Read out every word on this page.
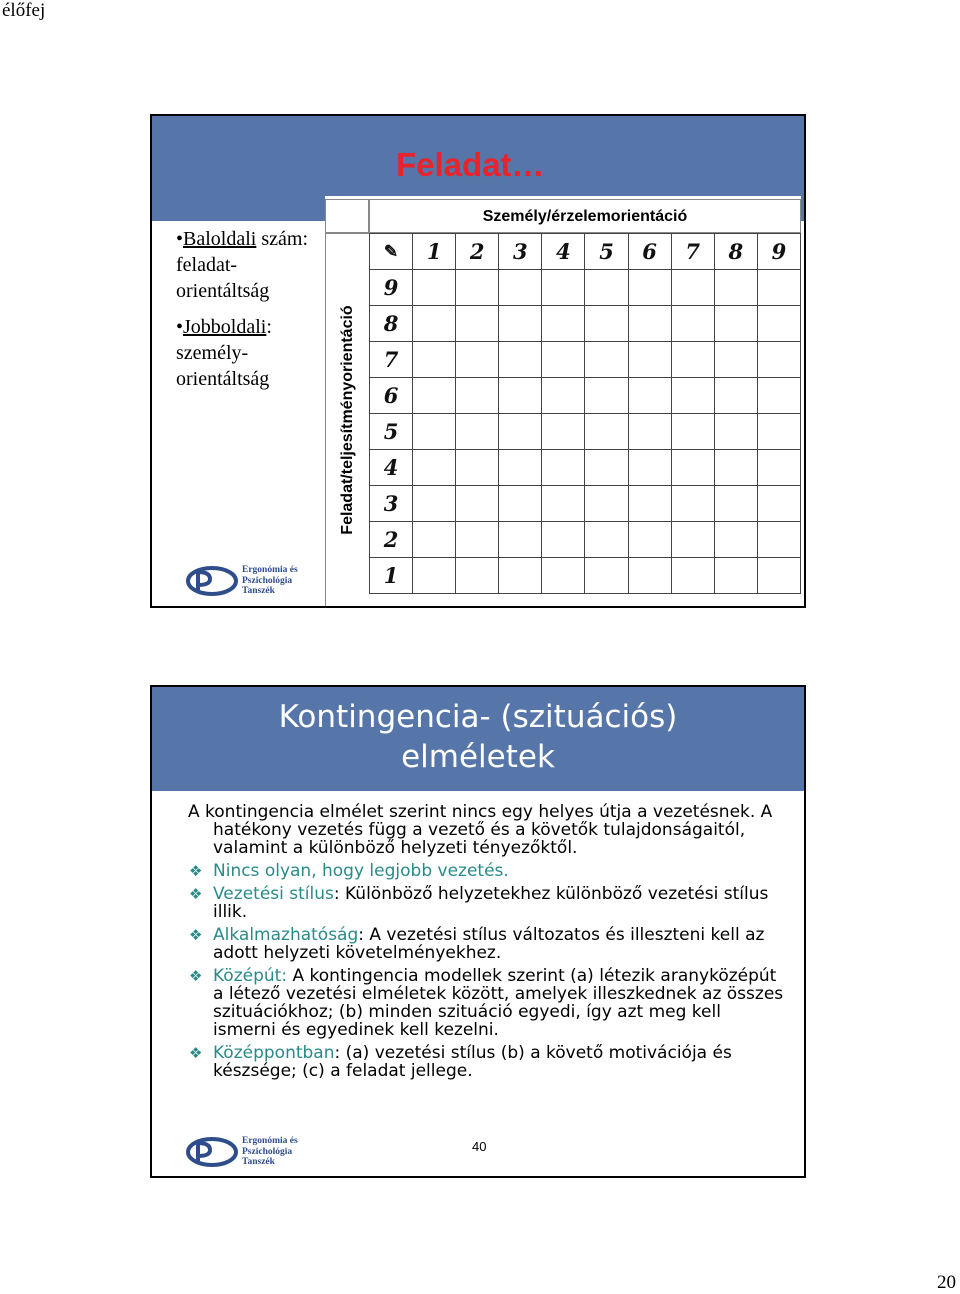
élőfej
Feladat…

•Baloldali szám: feladat-orientáltság

•Jobboldali: személy-orientáltság

Ergonómia és
Pszichológia
Tanszék
Személy/érzelemorientáció
Feladat/teljesítményorientáció
✎	1	2	3	4	5	6	7	8	9
9									
8									
7									
6									
5									
4									
3									
2									
1									
Kontingencia- (szituációs)
elméletek

A kontingencia elmélet szerint nincs egy helyes útja a vezetésnek. A hatékony vezetés függ a vezető és a követők tulajdonságaitól, valamint a különböző helyzeti tényezőktől.

❖ Nincs olyan, hogy legjobb vezetés.

❖ Vezetési stílus: Különböző helyzetekhez különböző vezetési stílus illik.

❖ Alkalmazhatóság: A vezetési stílus változatos és illeszteni kell az adott helyzeti követelményekhez.

❖ Középút: A kontingencia modellek szerint (a) létezik aranyközépút a létező vezetési elméletek között, amelyek illeszkednek az összes szituációkhoz; (b) minden szituáció egyedi, így azt meg kell ismerni és egyedinek kell kezelni.

❖ Középpontban: (a) vezetési stílus (b) a követő motivációja és készsége; (c) a feladat jellege.

Ergonómia és
Pszichológia
Tanszék
40
20
